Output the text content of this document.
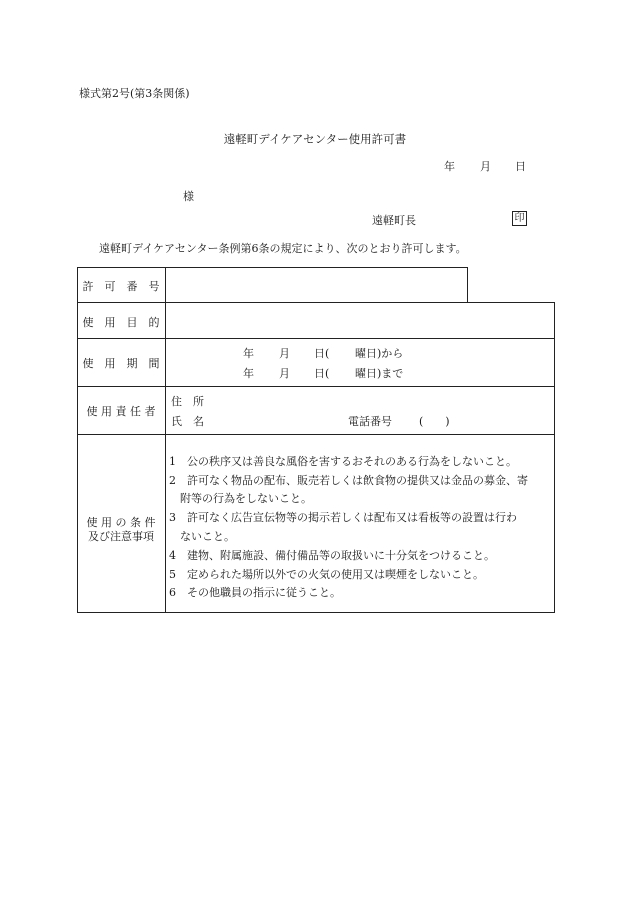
様式第2号(第3条関係)
遠軽町デイケアセンター使用許可書
年 月 日
様
遠軽町長	印
遠軽町デイケアセンター条例第6条の規定により、次のとおり許可します。
許　可　番　号
使　用　目　的
使　用　期　間
年 月 日( 曜日)から
年 月 日( 曜日)まで
使 用 責 任 者
住　所
氏　名	電話番号 (　　)
使 用 の 条 件
及び注意事項
1　公の秩序又は善良な風俗を害するおそれのある行為をしないこと。
2　許可なく物品の配布、販売若しくは飲食物の提供又は金品の募金、寄
　附等の行為をしないこと。
3　許可なく広告宣伝物等の掲示若しくは配布又は看板等の設置は行わ
　ないこと。
4　建物、附属施設、備付備品等の取扱いに十分気をつけること。
5　定められた場所以外での火気の使用又は喫煙をしないこと。
6　その他職員の指示に従うこと。
